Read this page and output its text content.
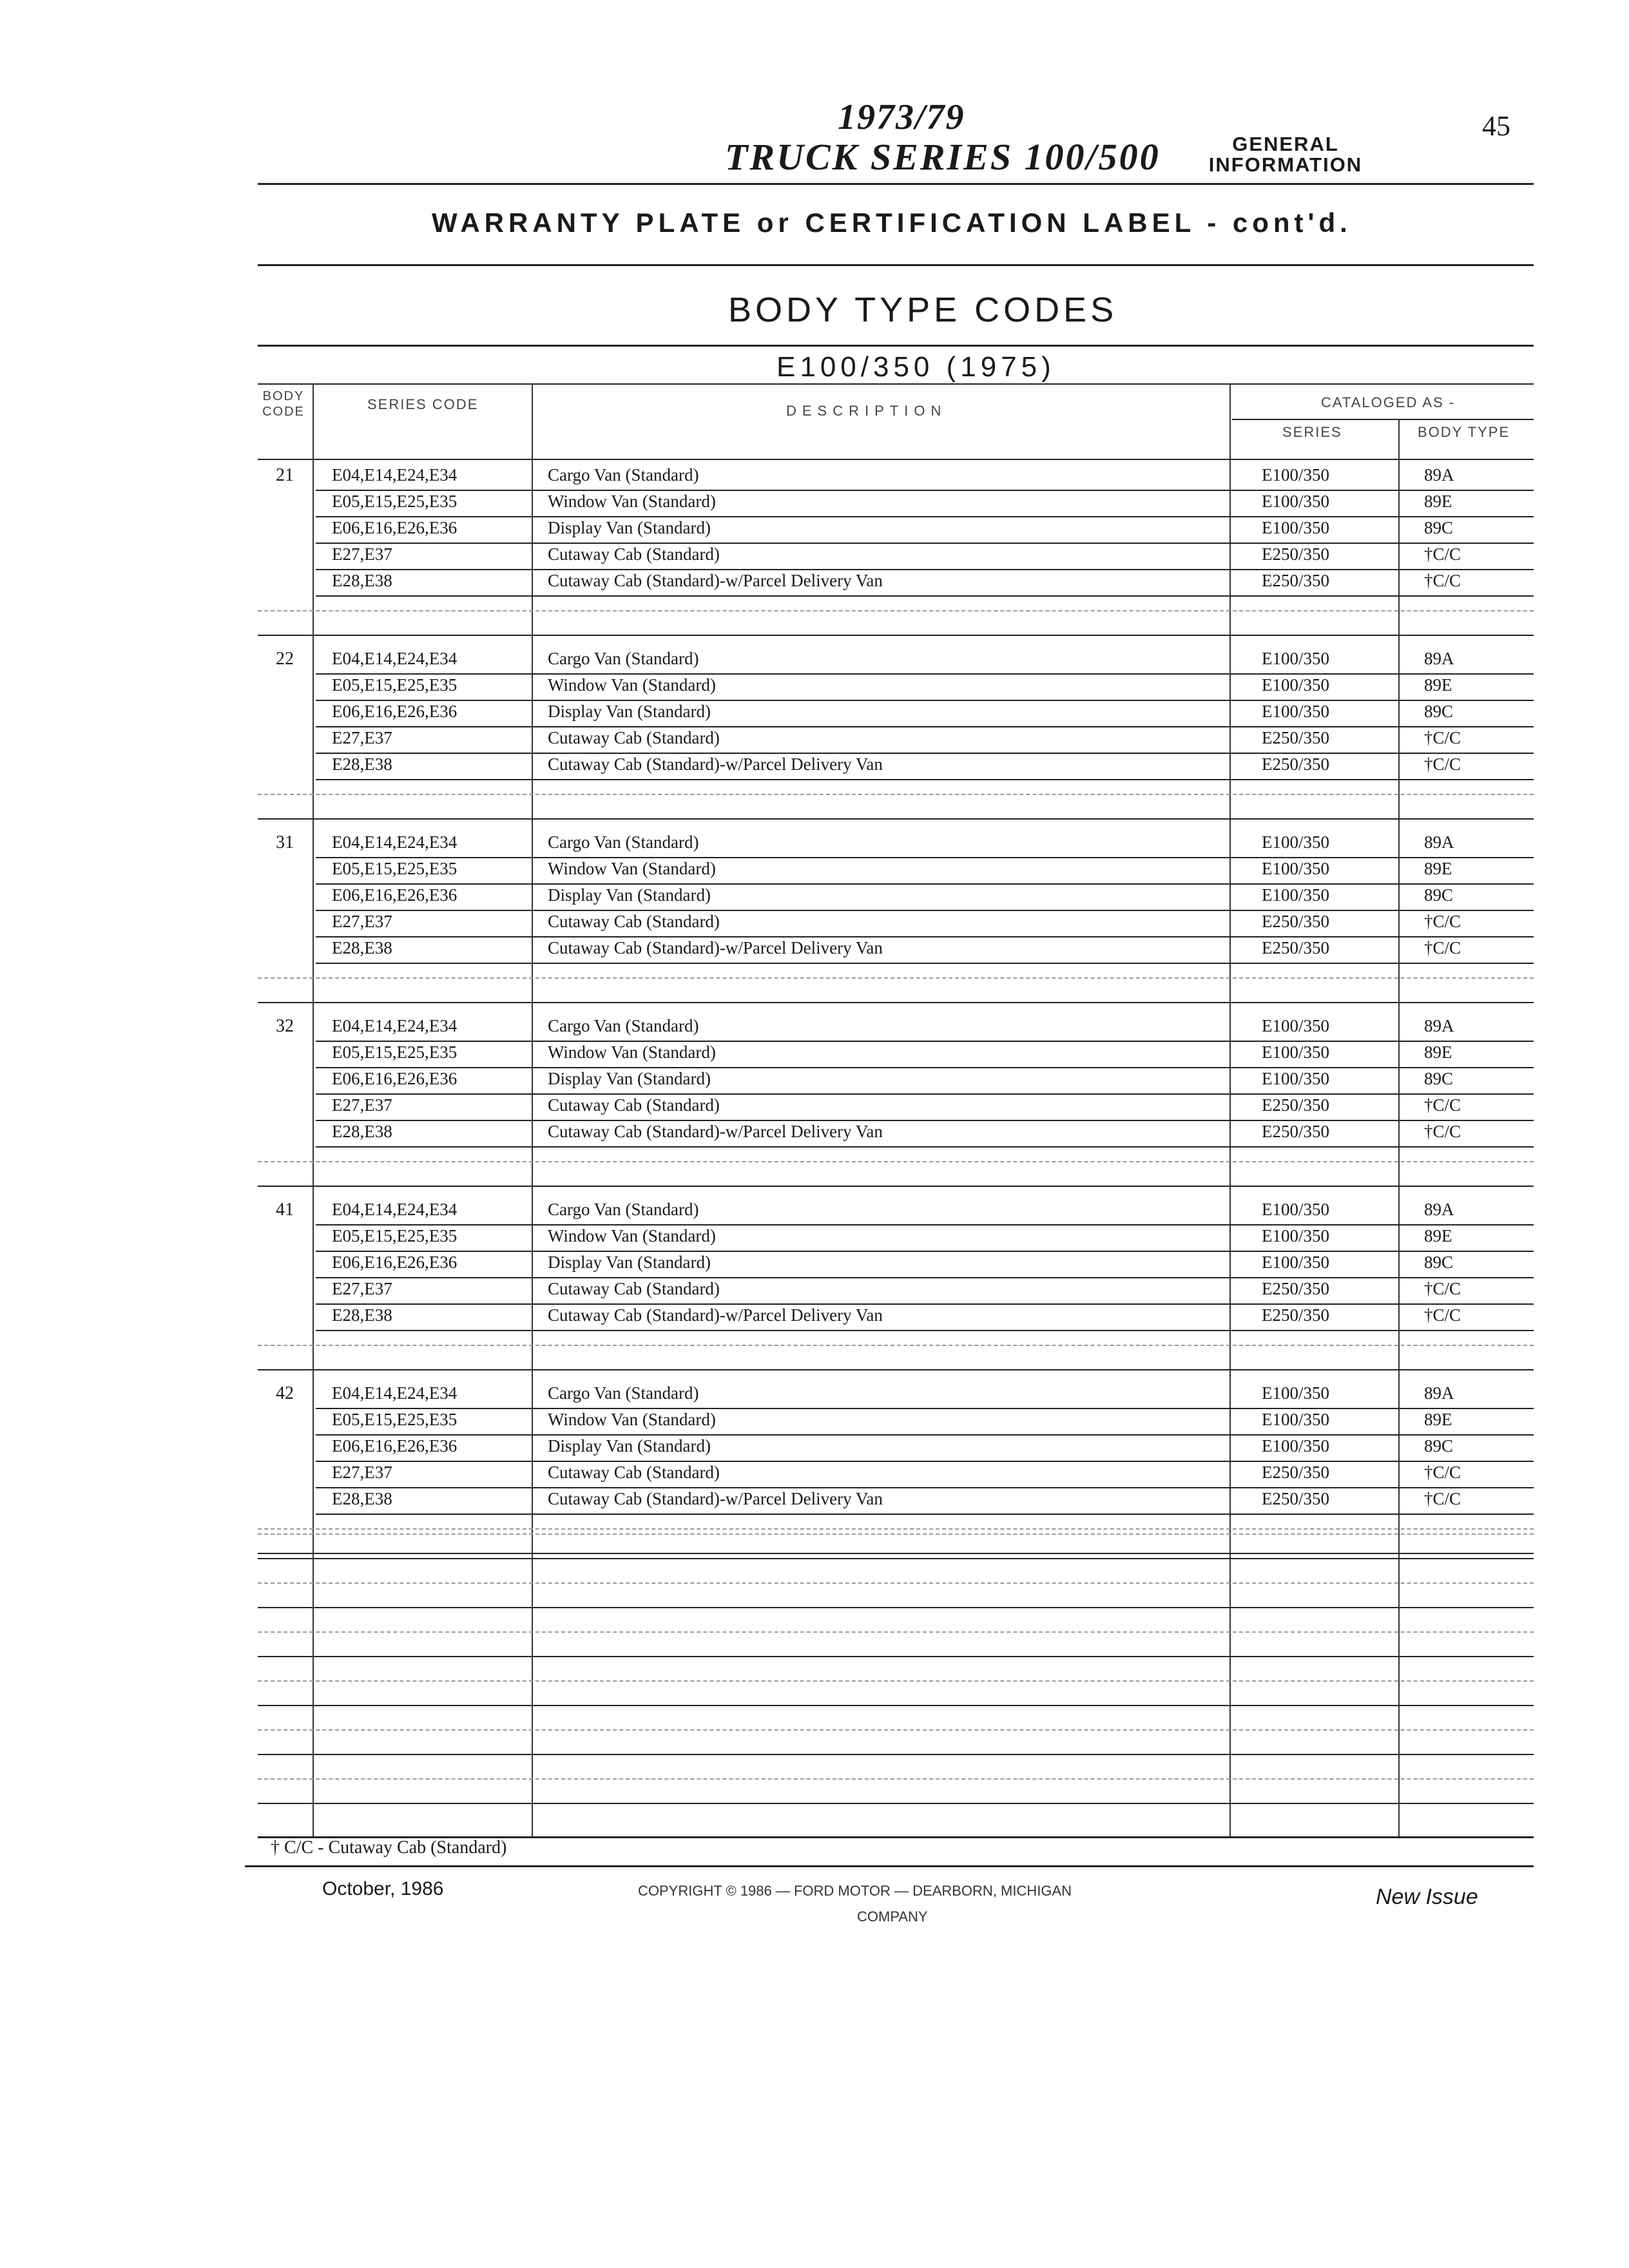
1973/79
TRUCK SERIES 100/500	GENERAL
INFORMATION
45
WARRANTY PLATE or CERTIFICATION LABEL - cont'd.
BODY TYPE CODES
E100/350 (1975)
BODY CODE	SERIES CODE	DESCRIPTION
CATALOGED AS -
SERIES	BODY TYPE
21 E04,E14,E24,E34	Cargo Van (Standard)	E100/350	89A
E05,E15,E25,E35	Window Van (Standard)	E100/350	89E
E06,E16,E26,E36	Display Van (Standard)	E100/350	89C
E27,E37	Cutaway Cab (Standard)	E250/350	†C/C
E28,E38	Cutaway Cab (Standard)-w/Parcel Delivery Van	E250/350	†C/C
22 E04,E14,E24,E34	Cargo Van (Standard)	E100/350	89A
E05,E15,E25,E35	Window Van (Standard)	E100/350	89E
E06,E16,E26,E36	Display Van (Standard)	E100/350	89C
E27,E37	Cutaway Cab (Standard)	E250/350	†C/C
E28,E38	Cutaway Cab (Standard)-w/Parcel Delivery Van	E250/350	†C/C
31 E04,E14,E24,E34	Cargo Van (Standard)	E100/350	89A
E05,E15,E25,E35	Window Van (Standard)	E100/350	89E
E06,E16,E26,E36	Display Van (Standard)	E100/350	89C
E27,E37	Cutaway Cab (Standard)	E250/350	†C/C
E28,E38	Cutaway Cab (Standard)-w/Parcel Delivery Van	E250/350	†C/C
32 E04,E14,E24,E34	Cargo Van (Standard)	E100/350	89A
E05,E15,E25,E35	Window Van (Standard)	E100/350	89E
E06,E16,E26,E36	Display Van (Standard)	E100/350	89C
E27,E37	Cutaway Cab (Standard)	E250/350	†C/C
E28,E38	Cutaway Cab (Standard)-w/Parcel Delivery Van	E250/350	†C/C
41 E04,E14,E24,E34	Cargo Van (Standard)	E100/350	89A
E05,E15,E25,E35	Window Van (Standard)	E100/350	89E
E06,E16,E26,E36	Display Van (Standard)	E100/350	89C
E27,E37	Cutaway Cab (Standard)	E250/350	†C/C
E28,E38	Cutaway Cab (Standard)-w/Parcel Delivery Van	E250/350	†C/C
42 E04,E14,E24,E34	Cargo Van (Standard)	E100/350	89A
E05,E15,E25,E35	Window Van (Standard)	E100/350	89E
E06,E16,E26,E36	Display Van (Standard)	E100/350	89C
E27,E37	Cutaway Cab (Standard)	E250/350	†C/C
E28,E38	Cutaway Cab (Standard)-w/Parcel Delivery Van	E250/350	†C/C
† C/C - Cutaway Cab (Standard)
October, 1986	COPYRIGHT © 1986 — FORD MOTOR — DEARBORN, MICHIGAN
COMPANY
New Issue
